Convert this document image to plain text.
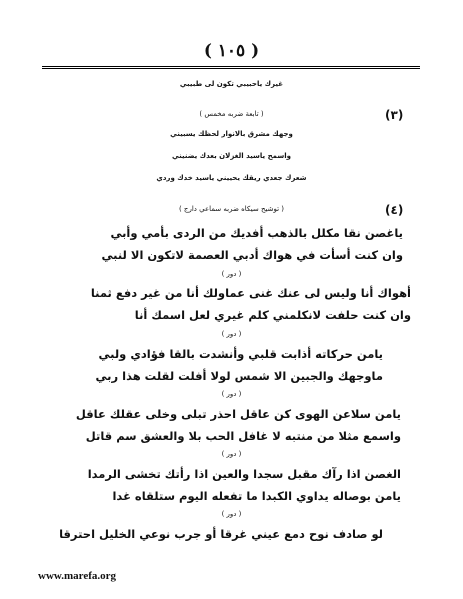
( ١٠٥ )
غيرك ياحبيبي تكون لى طبيبي
(٣)
( تابعة ضربه مخمس )
وجهك مشرق بالانوار لحظك يسبيني
واسمح ياسيد الغزلان بعدك يضنيني
شعرك جعدي ريقك يحييني ياسيد خدك وردي
(٤)
( توشيح سيكاه ضربه سماعي دارج )
ياغصن نقا مكلل بالذهب أفديك من الردى بأمي وأبي
وان كنت أسأت في هواك أدبي العصمة لاتكون الا لنبي
( دور )
أهواك أنا وليس لى عنك غنى عماولك أنا من غير دفع ثمنا
وان كنت حلفت لانكلمني كلم غيري لعل اسمك أنا
( دور )
يامن حركاته أذابت قلبي وأنشدت بالقا فؤادي ولبي
ماوجهك والجبين الا شمس لولا أفلت لقلت هذا ربي
( دور )
يامن سلاعن الهوى كن عاقل احذر تبلى وخلى عقلك عاقل
واسمع مثلا من منتبه لا غافل الحب بلا والعشق سم قاتل
( دور )
الغصن اذا رآك مقبل سجدا والعين اذا رأتك تخشى الرمدا
يامن بوصاله يداوي الكبدا ما تفعله اليوم ستلقاه غدا
( دور )
لو صادف نوح دمع عيني غرقا أو جرب نوعي الخليل احترقا
www.marefa.org
